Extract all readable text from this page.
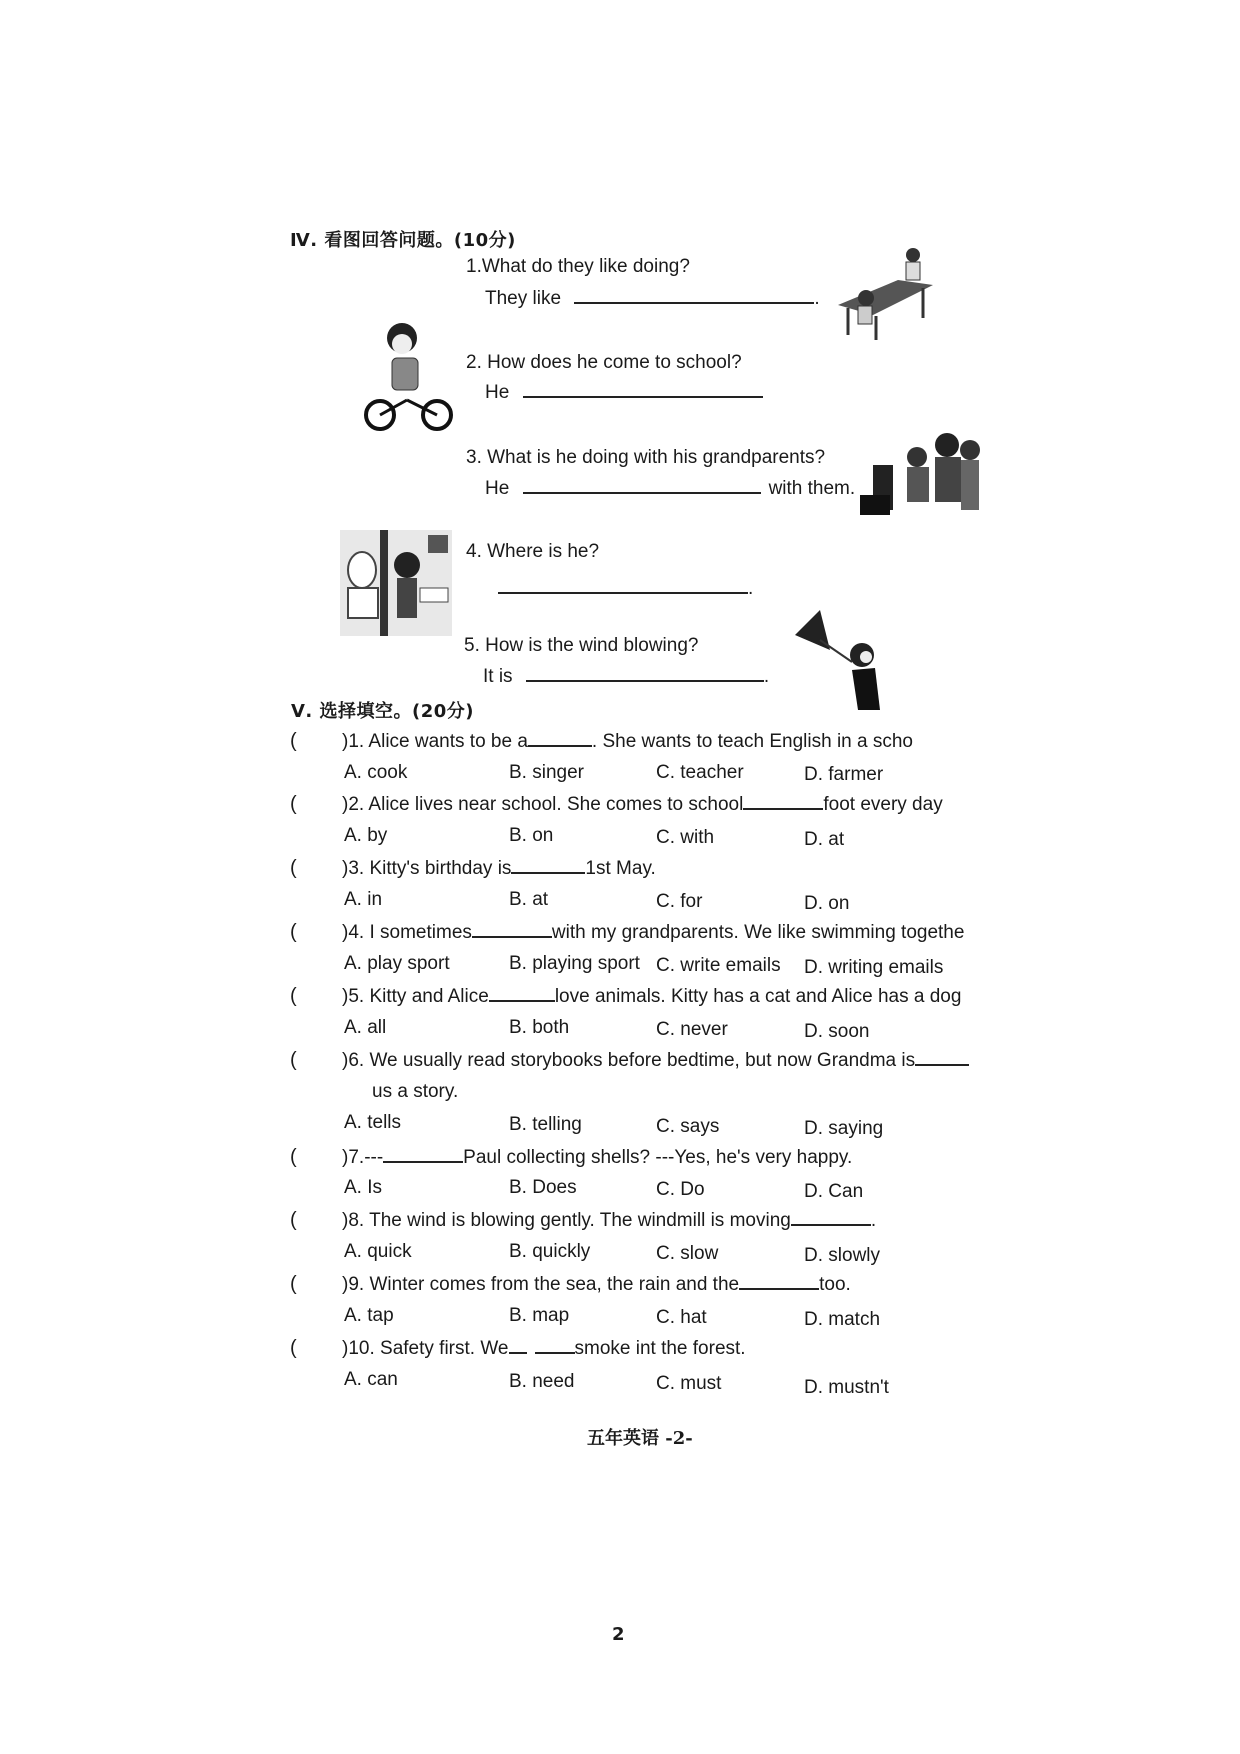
Ⅳ. 看图回答问题。(10分)
1.What do they like doing?
They like	.
2. How does he come to school?
He
3. What is he doing with his grandparents?
He	with them.
4. Where is he?
.
5. How is the wind blowing?
It is	.
Ⅴ. 选择填空。(20分)
( )1. Alice wants to be a	. She wants to teach English in a scho
A. cook	B. singer	C. teacher	D. farmer
( )2. Alice lives near school. She comes to school	foot every day
A. by	B. on	C. with	D. at
( )3. Kitty's birthday is	1st May.
A. in	B. at	C. for	D. on
( )4. I sometimes	with my grandparents. We like swimming togethe
A. play sport	B. playing sport C. write emails D. writing emails
( )5. Kitty and Alice	love animals. Kitty has a cat and Alice has a dog
A. all	B. both	C. never	D. soon
( )6. We usually read storybooks before bedtime, but now Grandma is
us a story.
A. tells	B. telling	C. says	D. saying
( )7.---	Paul collecting shells? ---Yes, he's very happy.
A. Is	B. Does	C. Do	D. Can
( )8. The wind is blowing gently. The windmill is moving	.
A. quick	B. quickly	C. slow	D. slowly
( )9. Winter comes from the sea, the rain and the	too.
A. tap	B. map	C. hat	D. match
( )10. Safety first. We	smoke int the forest.
A. can	B. need	C. must	D. mustn't
五年英语 -2-
2
